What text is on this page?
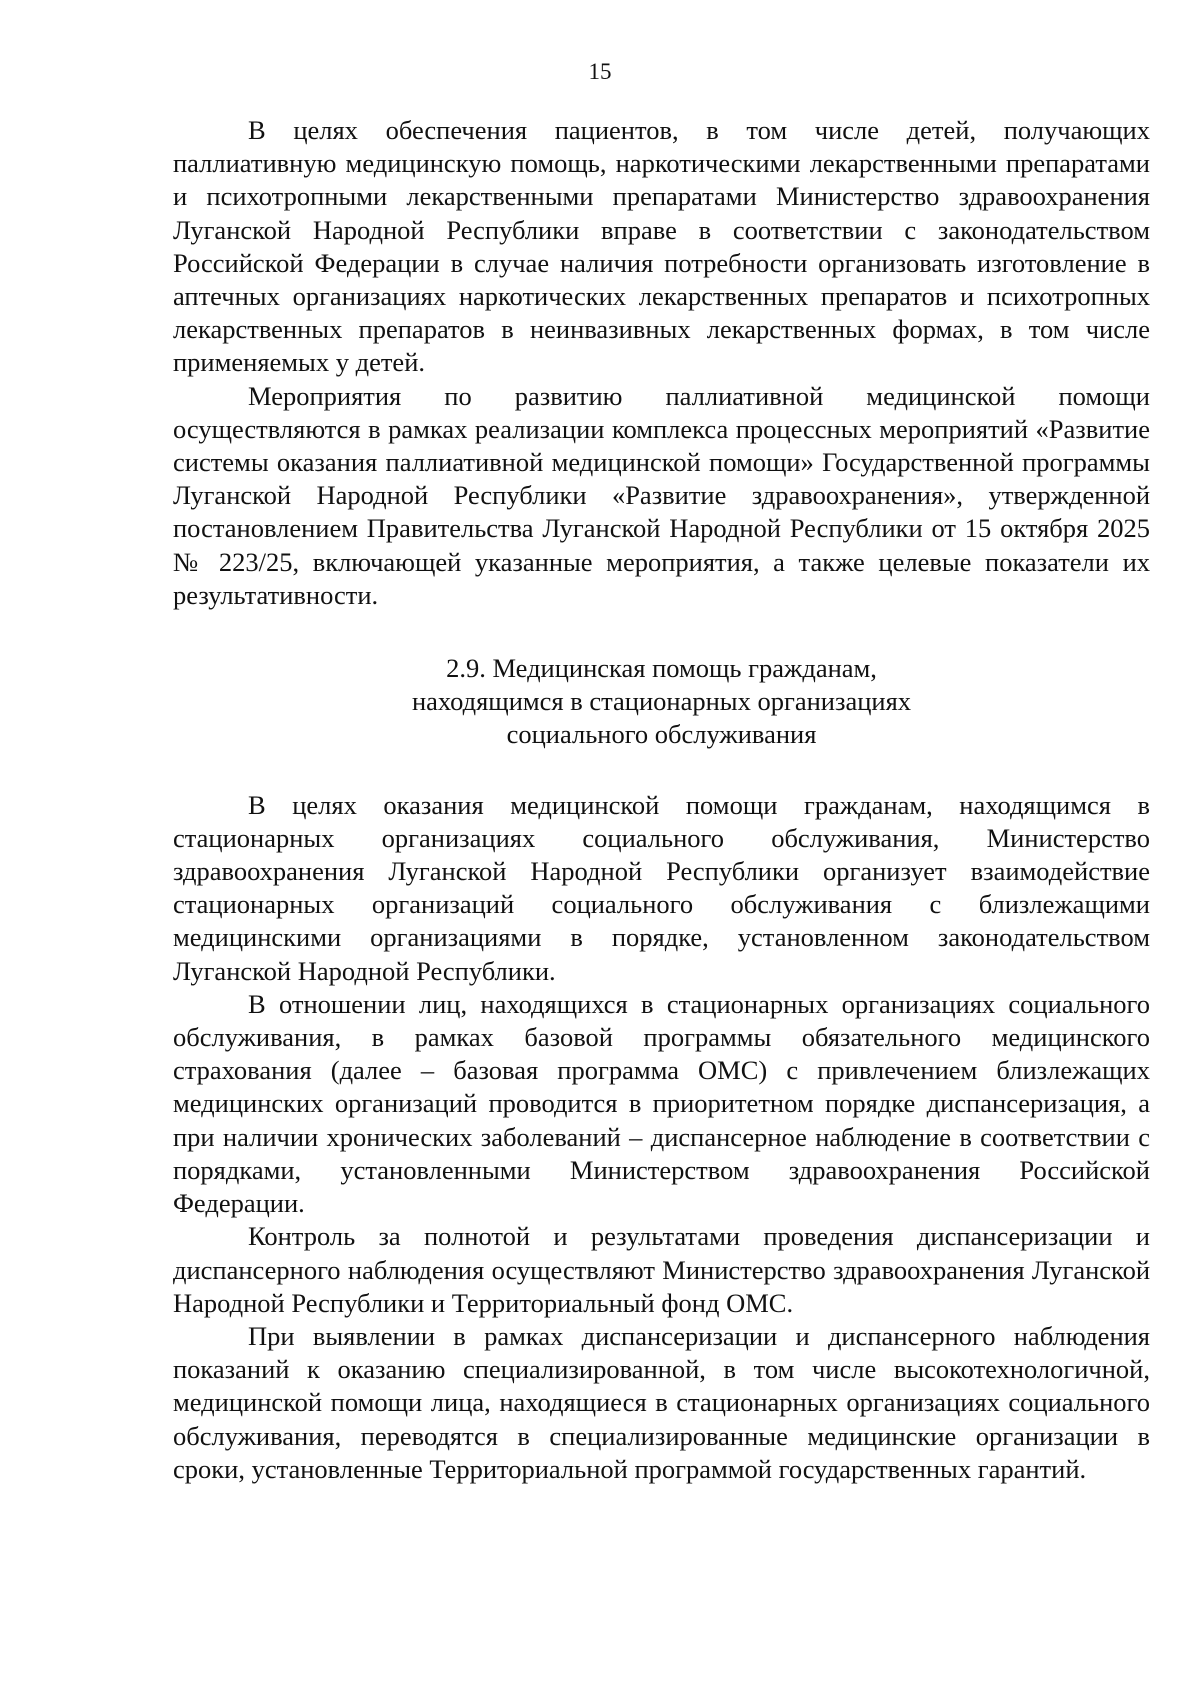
15

В целях обеспечения пациентов, в том числе детей, получающих паллиативную медицинскую помощь, наркотическими лекарственными препаратами и психотропными лекарственными препаратами Министерство здравоохранения Луганской Народной Республики вправе в соответствии с законодательством Российской Федерации в случае наличия потребности организовать изготовление в аптечных организациях наркотических лекарственных препаратов и психотропных лекарственных препаратов в неинвазивных лекарственных формах, в том числе применяемых у детей.

Мероприятия по развитию паллиативной медицинской помощи осуществляются в рамках реализации комплекса процессных мероприятий «Развитие системы оказания паллиативной медицинской помощи» Государственной программы Луганской Народной Республики «Развитие здравоохранения», утвержденной постановлением Правительства Луганской Народной Республики от 15 октября 2025 № 223/25, включающей указанные мероприятия, а также целевые показатели их результативности.

2.9. Медицинская помощь гражданам,
находящимся в стационарных организациях
социального обслуживания

В целях оказания медицинской помощи гражданам, находящимся в стационарных организациях социального обслуживания, Министерство здравоохранения Луганской Народной Республики организует взаимодействие стационарных организаций социального обслуживания с близлежащими медицинскими организациями в порядке, установленном законодательством Луганской Народной Республики.

В отношении лиц, находящихся в стационарных организациях социального обслуживания, в рамках базовой программы обязательного медицинского страхования (далее – базовая программа ОМС) с привлечением близлежащих медицинских организаций проводится в приоритетном порядке диспансеризация, а при наличии хронических заболеваний – диспансерное наблюдение в соответствии с порядками, установленными Министерством здравоохранения Российской Федерации.

Контроль за полнотой и результатами проведения диспансеризации и диспансерного наблюдения осуществляют Министерство здравоохранения Луганской Народной Республики и Территориальный фонд ОМС.

При выявлении в рамках диспансеризации и диспансерного наблюдения показаний к оказанию специализированной, в том числе высокотехнологичной, медицинской помощи лица, находящиеся в стационарных организациях социального обслуживания, переводятся в специализированные медицинские организации в сроки, установленные Территориальной программой государственных гарантий.
